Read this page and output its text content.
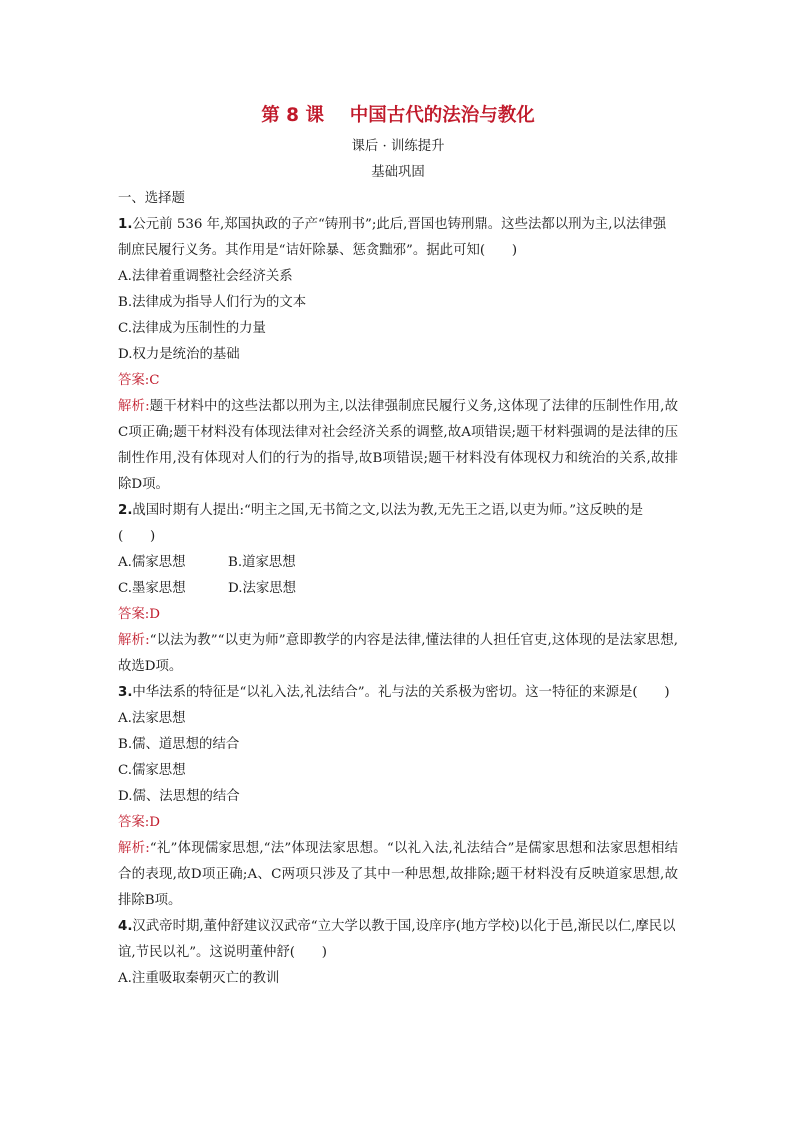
第 8 课    中国古代的法治与教化
课后 · 训练提升
基础巩固
一、选择题
1.公元前 536 年,郑国执政的子产“铸刑书”;此后,晋国也铸刑鼎。这些法都以刑为主,以法律强制庶民履行义务。其作用是“诘奸除暴、惩贪黜邪”。据此可知(　　)
A.法律着重调整社会经济关系
B.法律成为指导人们行为的文本
C.法律成为压制性的力量
D.权力是统治的基础
答案:C
解析:题干材料中的这些法都以刑为主,以法律强制庶民履行义务,这体现了法律的压制性作用,故C项正确;题干材料没有体现法律对社会经济关系的调整,故A项错误;题干材料强调的是法律的压制性作用,没有体现对人们的行为的指导,故B项错误;题干材料没有体现权力和统治的关系,故排除D项。
2.战国时期有人提出:“明主之国,无书简之文,以法为教,无先王之语,以吏为师。”这反映的是(　　)
A.儒家思想	B.道家思想
C.墨家思想	D.法家思想
答案:D
解析:“以法为教”“以吏为师”意即教学的内容是法律,懂法律的人担任官吏,这体现的是法家思想,故选D项。
3.中华法系的特征是“以礼入法,礼法结合”。礼与法的关系极为密切。这一特征的来源是(　　)
A.法家思想
B.儒、道思想的结合
C.儒家思想
D.儒、法思想的结合
答案:D
解析:“礼”体现儒家思想,“法”体现法家思想。“以礼入法,礼法结合”是儒家思想和法家思想相结合的表现,故D项正确;A、C两项只涉及了其中一种思想,故排除;题干材料没有反映道家思想,故排除B项。
4.汉武帝时期,董仲舒建议汉武帝“立大学以教于国,设庠序(地方学校)以化于邑,渐民以仁,摩民以谊,节民以礼”。这说明董仲舒(　　)
A.注重吸取秦朝灭亡的教训
